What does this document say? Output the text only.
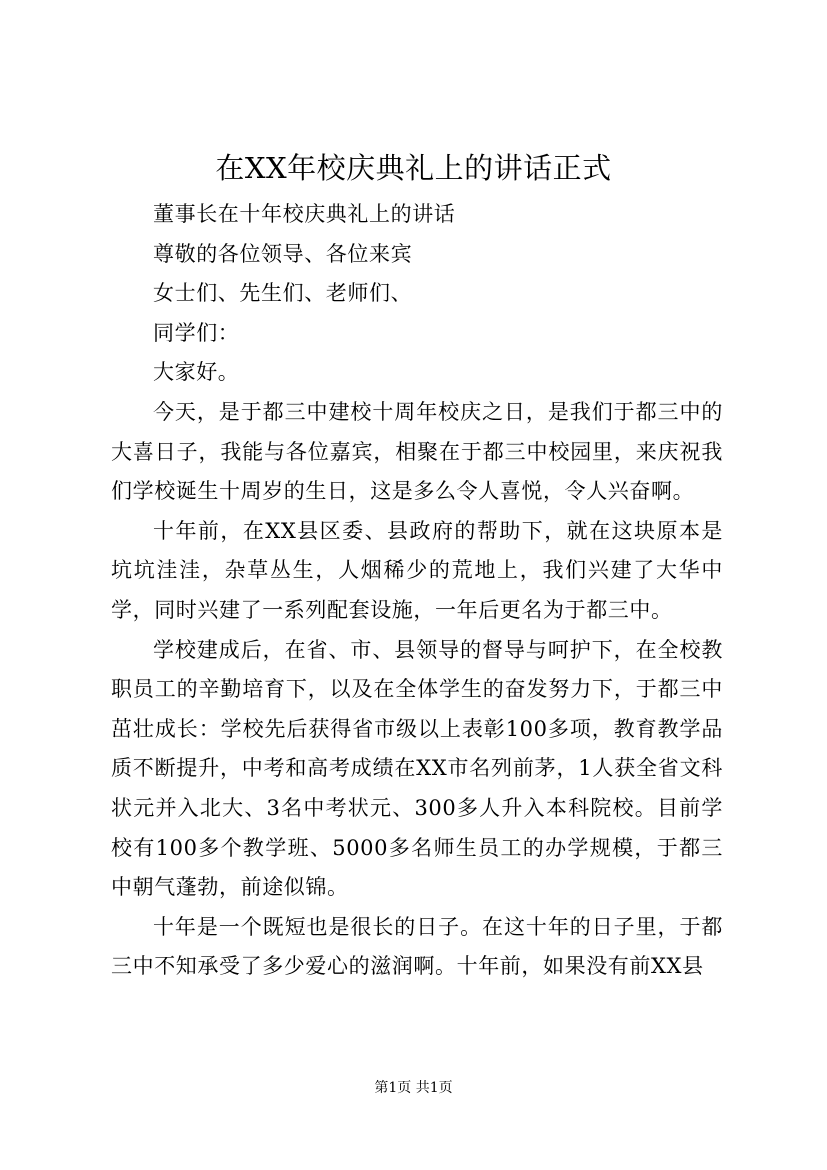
在XX年校庆典礼上的讲话正式

董事长在十年校庆典礼上的讲话

尊敬的各位领导、各位来宾

女士们、先生们、老师们、

同学们：

大家好。

今天，是于都三中建校十周年校庆之日，是我们于都三中的大喜日子，我能与各位嘉宾，相聚在于都三中校园里，来庆祝我们学校诞生十周岁的生日，这是多么令人喜悦，令人兴奋啊。

十年前，在XX县区委、县政府的帮助下，就在这块原本是坑坑洼洼，杂草丛生，人烟稀少的荒地上，我们兴建了大华中学，同时兴建了一系列配套设施，一年后更名为于都三中。

学校建成后，在省、市、县领导的督导与呵护下，在全校教职员工的辛勤培育下，以及在全体学生的奋发努力下，于都三中茁壮成长：学校先后获得省市级以上表彰100多项，教育教学品质不断提升，中考和高考成绩在XX市名列前茅，1人获全省文科状元并入北大、3名中考状元、300多人升入本科院校。目前学校有100多个教学班、5000多名师生员工的办学规模，于都三中朝气蓬勃，前途似锦。

十年是一个既短也是很长的日子。在这十年的日子里，于都三中不知承受了多少爱心的滋润啊。十年前，如果没有前XX县

第1页 共1页
